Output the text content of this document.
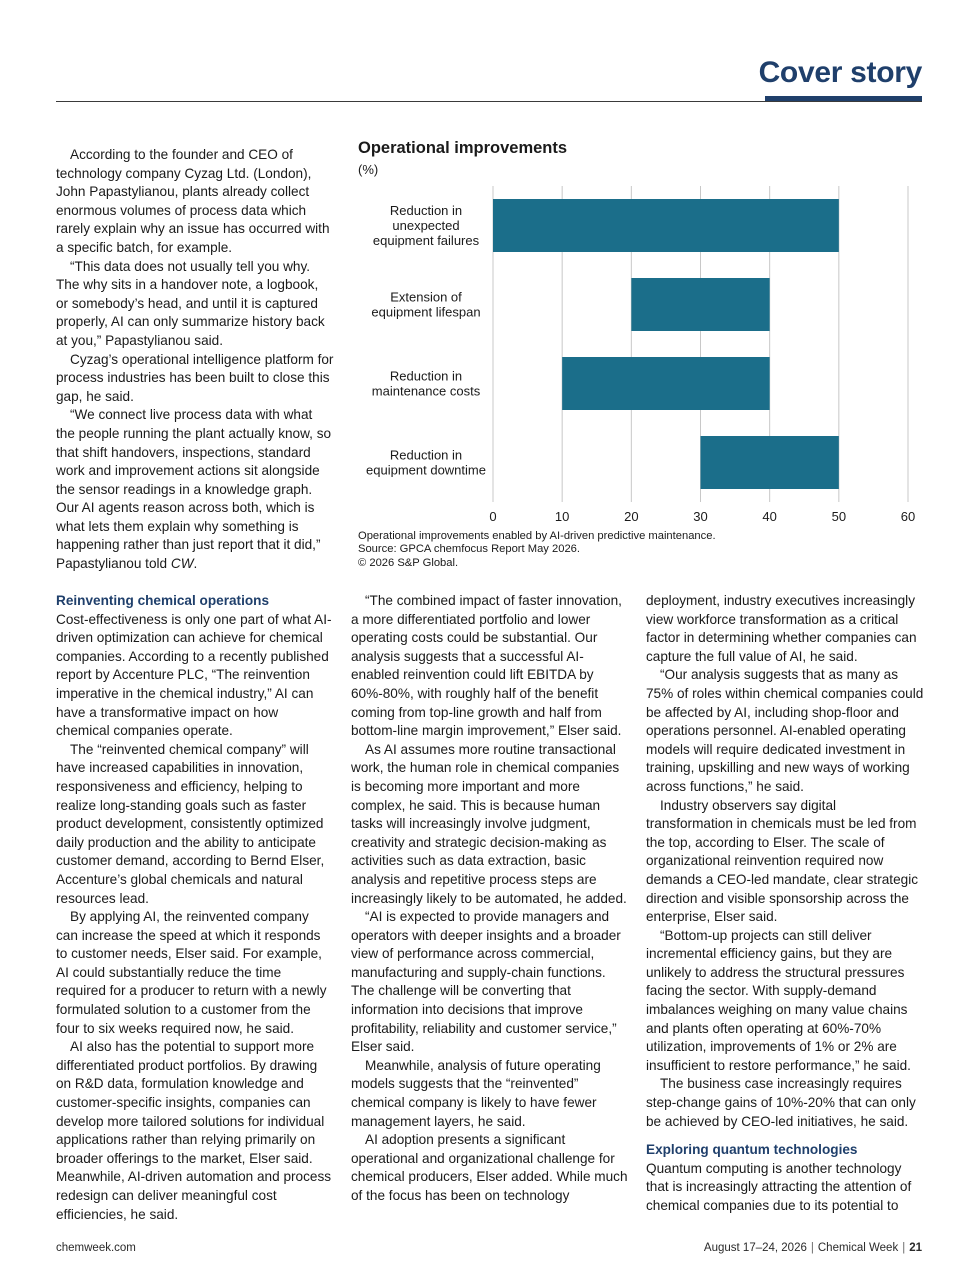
Cover story

According to the founder and CEO of technology company Cyzag Ltd. (London), John Papastylianou, plants already collect enormous volumes of process data which rarely explain why an issue has occurred with a specific batch, for example.

“This data does not usually tell you why. The why sits in a handover note, a logbook, or somebody’s head, and until it is captured properly, AI can only summarize history back at you,” Papastylianou said.

Cyzag’s operational intelligence platform for process industries has been built to close this gap, he said.

“We connect live process data with what the people running the plant actually know, so that shift handovers, inspections, standard work and improvement actions sit alongside the sensor readings in a knowledge graph. Our AI agents reason across both, which is what lets them explain why something is happening rather than just report that it did,” Papastylianou told CW.

Operational improvements
(%)
Reduction in unexpected equipment failures
Extension of equipment lifespan
Reduction in maintenance costs
Reduction in equipment downtime
0	10	20	30	40	50	60
Operational improvements enabled by AI-driven predictive maintenance.
Source: GPCA chemfocus Report May 2026.
© 2026 S&P Global.
Reinventing chemical operations

Cost-effectiveness is only one part of what AI-driven optimization can achieve for chemical companies. According to a recently published report by Accenture PLC, “The reinvention imperative in the chemical industry,” AI can have a transformative impact on how chemical companies operate.

The “reinvented chemical company” will have increased capabilities in innovation, responsiveness and efficiency, helping to realize long-standing goals such as faster product development, consistently optimized daily production and the ability to anticipate customer demand, according to Bernd Elser, Accenture’s global chemicals and natural resources lead.

By applying AI, the reinvented company can increase the speed at which it responds to customer needs, Elser said. For example, AI could substantially reduce the time required for a producer to return with a newly formulated solution to a customer from the four to six weeks required now, he said.

AI also has the potential to support more differentiated product portfolios. By drawing on R&D data, formulation knowledge and customer-specific insights, companies can develop more tailored solutions for individual applications rather than relying primarily on broader offerings to the market, Elser said. Meanwhile, AI-driven automation and process redesign can deliver meaningful cost efficiencies, he said.

“The combined impact of faster innovation, a more differentiated portfolio and lower operating costs could be substantial. Our analysis suggests that a successful AI-enabled reinvention could lift EBITDA by 60%-80%, with roughly half of the benefit coming from top-line growth and half from bottom-line margin improvement,” Elser said.

As AI assumes more routine transactional work, the human role in chemical companies is becoming more important and more complex, he said. This is because human tasks will increasingly involve judgment, creativity and strategic decision-making as activities such as data extraction, basic analysis and repetitive process steps are increasingly likely to be automated, he added.

“AI is expected to provide managers and operators with deeper insights and a broader view of performance across commercial, manufacturing and supply-chain functions. The challenge will be converting that information into decisions that improve profitability, reliability and customer service,” Elser said.

Meanwhile, analysis of future operating models suggests that the “reinvented” chemical company is likely to have fewer management layers, he said.

AI adoption presents a significant operational and organizational challenge for chemical producers, Elser added. While much of the focus has been on technology

deployment, industry executives increasingly view workforce transformation as a critical factor in determining whether companies can capture the full value of AI, he said.

“Our analysis suggests that as many as 75% of roles within chemical companies could be affected by AI, including shop-floor and operations personnel. AI-enabled operating models will require dedicated investment in training, upskilling and new ways of working across functions,” he said.

Industry observers say digital transformation in chemicals must be led from the top, according to Elser. The scale of organizational reinvention required now demands a CEO-led mandate, clear strategic direction and visible sponsorship across the enterprise, Elser said.

“Bottom-up projects can still deliver incremental efficiency gains, but they are unlikely to address the structural pressures facing the sector. With supply-demand imbalances weighing on many value chains and plants often operating at 60%-70% utilization, improvements of 1% or 2% are insufficient to restore performance,” he said.

The business case increasingly requires step-change gains of 10%-20% that can only be achieved by CEO-led initiatives, he said.

Exploring quantum technologies

Quantum computing is another technology that is increasingly attracting the attention of chemical companies due to its potential to

chemweek.com	August 17–24, 2026 | Chemical Week | 21
